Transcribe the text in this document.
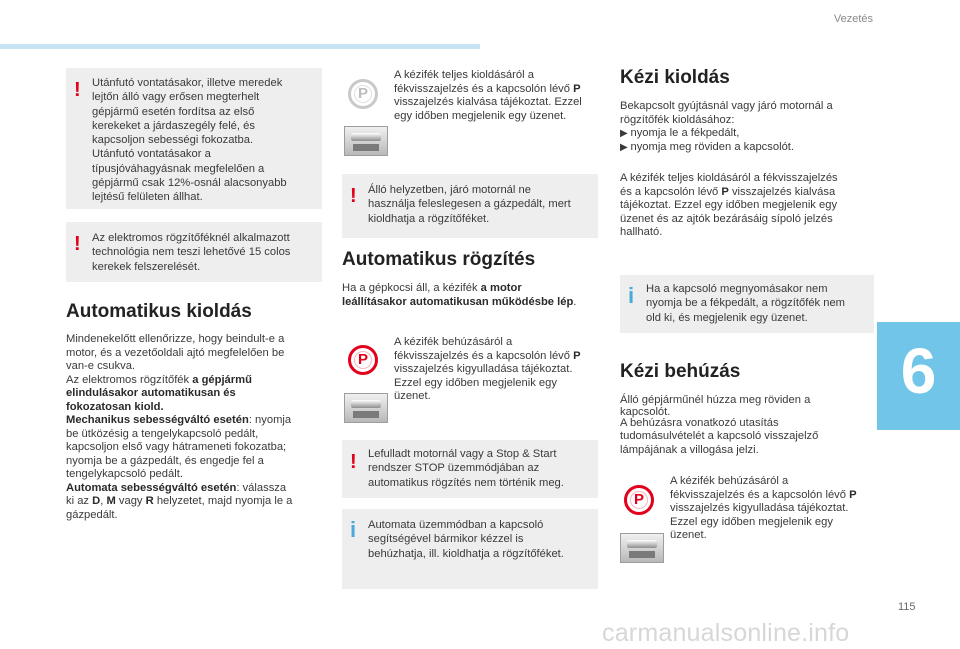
Vezetés
! Utánfutó vontatásakor, illetve meredek
lejtőn álló vagy erősen megterhelt
gépjármű esetén fordítsa az első
kerekeket a járdaszegély felé, és
kapcsoljon sebességi fokozatba.
Utánfutó vontatásakor a
típusjóváhagyásnak megfelelően a
gépjármű csak 12%-osnál alacsonyabb
lejtésű felületen állhat.
! Az elektromos rögzítőféknél alkalmazott
technológia nem teszi lehetővé 15 colos
kerekek felszerelését.
Automatikus kioldás
Mindenekelőtt ellenőrizze, hogy beindult-e a
motor, és a vezetőoldali ajtó megfelelően be
van-e csukva.
Az elektromos rögzítőfék a gépjármű
elindulásakor automatikusan és
fokozatosan kiold.
Mechanikus sebességváltó esetén: nyomja
be ütközésig a tengelykapcsoló pedált,
kapcsoljon első vagy hátrameneti fokozatba;
nyomja be a gázpedált, és engedje fel a
tengelykapcsoló pedált.
Automata sebességváltó esetén: válassza
ki az D, M vagy R helyzetet, majd nyomja le a
gázpedált.
P
A kézifék teljes kioldásáról a
fékvisszajelzés és a kapcsolón lévő P
visszajelzés kialvása tájékoztat. Ezzel
egy időben megjelenik egy üzenet.
! Álló helyzetben, járó motornál ne
használja feleslegesen a gázpedált, mert
kioldhatja a rögzítőféket.
Automatikus rögzítés
Ha a gépkocsi áll, a kézifék a motor
leállításakor automatikusan működésbe lép.
P
A kézifék behúzásáról a
fékvisszajelzés és a kapcsolón lévő P
visszajelzés kigyulladása tájékoztat.
Ezzel egy időben megjelenik egy
üzenet.
! Lefulladt motornál vagy a Stop & Start
rendszer STOP üzemmódjában az
automatikus rögzítés nem történik meg.
i Automata üzemmódban a kapcsoló
segítségével bármikor kézzel is
behúzhatja, ill. kioldhatja a rögzítőféket.
Kézi kioldás
Bekapcsolt gyújtásnál vagy járó motornál a
rögzítőfék kioldásához:
▶ nyomja le a fékpedált,
▶ nyomja meg röviden a kapcsolót.
A kézifék teljes kioldásáról a fékvisszajelzés
és a kapcsolón lévő P visszajelzés kialvása
tájékoztat. Ezzel egy időben megjelenik egy
üzenet és az ajtók bezárásáig sípoló jelzés
hallható.
i Ha a kapcsoló megnyomásakor nem
nyomja be a fékpedált, a rögzítőfék nem
old ki, és megjelenik egy üzenet.
Kézi behúzás
Álló gépjárműnél húzza meg röviden a
kapcsolót.
A behúzásra vonatkozó utasítás
tudomásulvételét a kapcsoló visszajelző
lámpájának a villogása jelzi.
P
A kézifék behúzásáról a
fékvisszajelzés és a kapcsolón lévő P
visszajelzés kigyulladása tájékoztat.
Ezzel egy időben megjelenik egy
üzenet.
6
115
carmanualsonline.info
